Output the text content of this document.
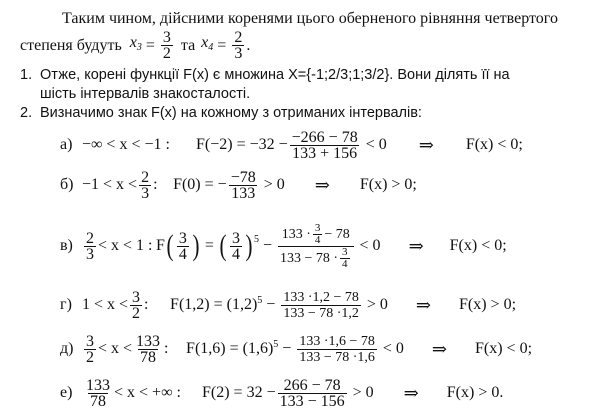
Таким чином, дійсними коренями цього оберненого рівняння четвертого
степеня будуть $x_3 = \frac{3}{2}$ та $x_4 = \frac{2}{3}$ .
1. Отже, корені функції F(x) є множина X={-1;2/3;1;3/2}. Вони ділять її на
шість інтервалів знакосталості.
2. Визначимо знак F(x) на кожному з отриманих інтервалів:
а) −∞ < x < −1 :	$F(-2) = -32 - \frac{-266 - 78}{133 + 156} < 0$ ⇒ F(x) < 0;
$б) -1 < x < \frac{2}{3}$ : F(0) = − $\frac{-78}{133} > 0$ ⇒ F(x) > 0;
$в) \frac{2}{3} < x < 1$ : F ( $\frac{3}{4}$ ) = ( $\frac{3}{4} )^5 - \frac{133 \cdot \frac{3}{4} - 78}{133 - 78 \cdot \frac{3}{4}} < 0$ ⇒ F(x) < 0;
г) $1 < x < \frac{3}{2}$ :	$F(1,2) = (1,2)^5 - \frac{133 \cdot 1,2 - 78}{133 - 78 \cdot 1,2} > 0$ ⇒ F(x) > 0;
$д) \frac{3}{2} < x < \frac{133}{78}$ :	$F(1,6) = (1,6)^5 - \frac{133 \cdot 1,6 - 78}{133 - 78 \cdot 1,6} < 0$ ⇒ F(x) < 0;
$е) \frac{133}{78} < x$ < +∞ :	$F(2) = 32 - \frac{266 - 78}{133 - 156} > 0$ ⇒ F(x) > 0.
